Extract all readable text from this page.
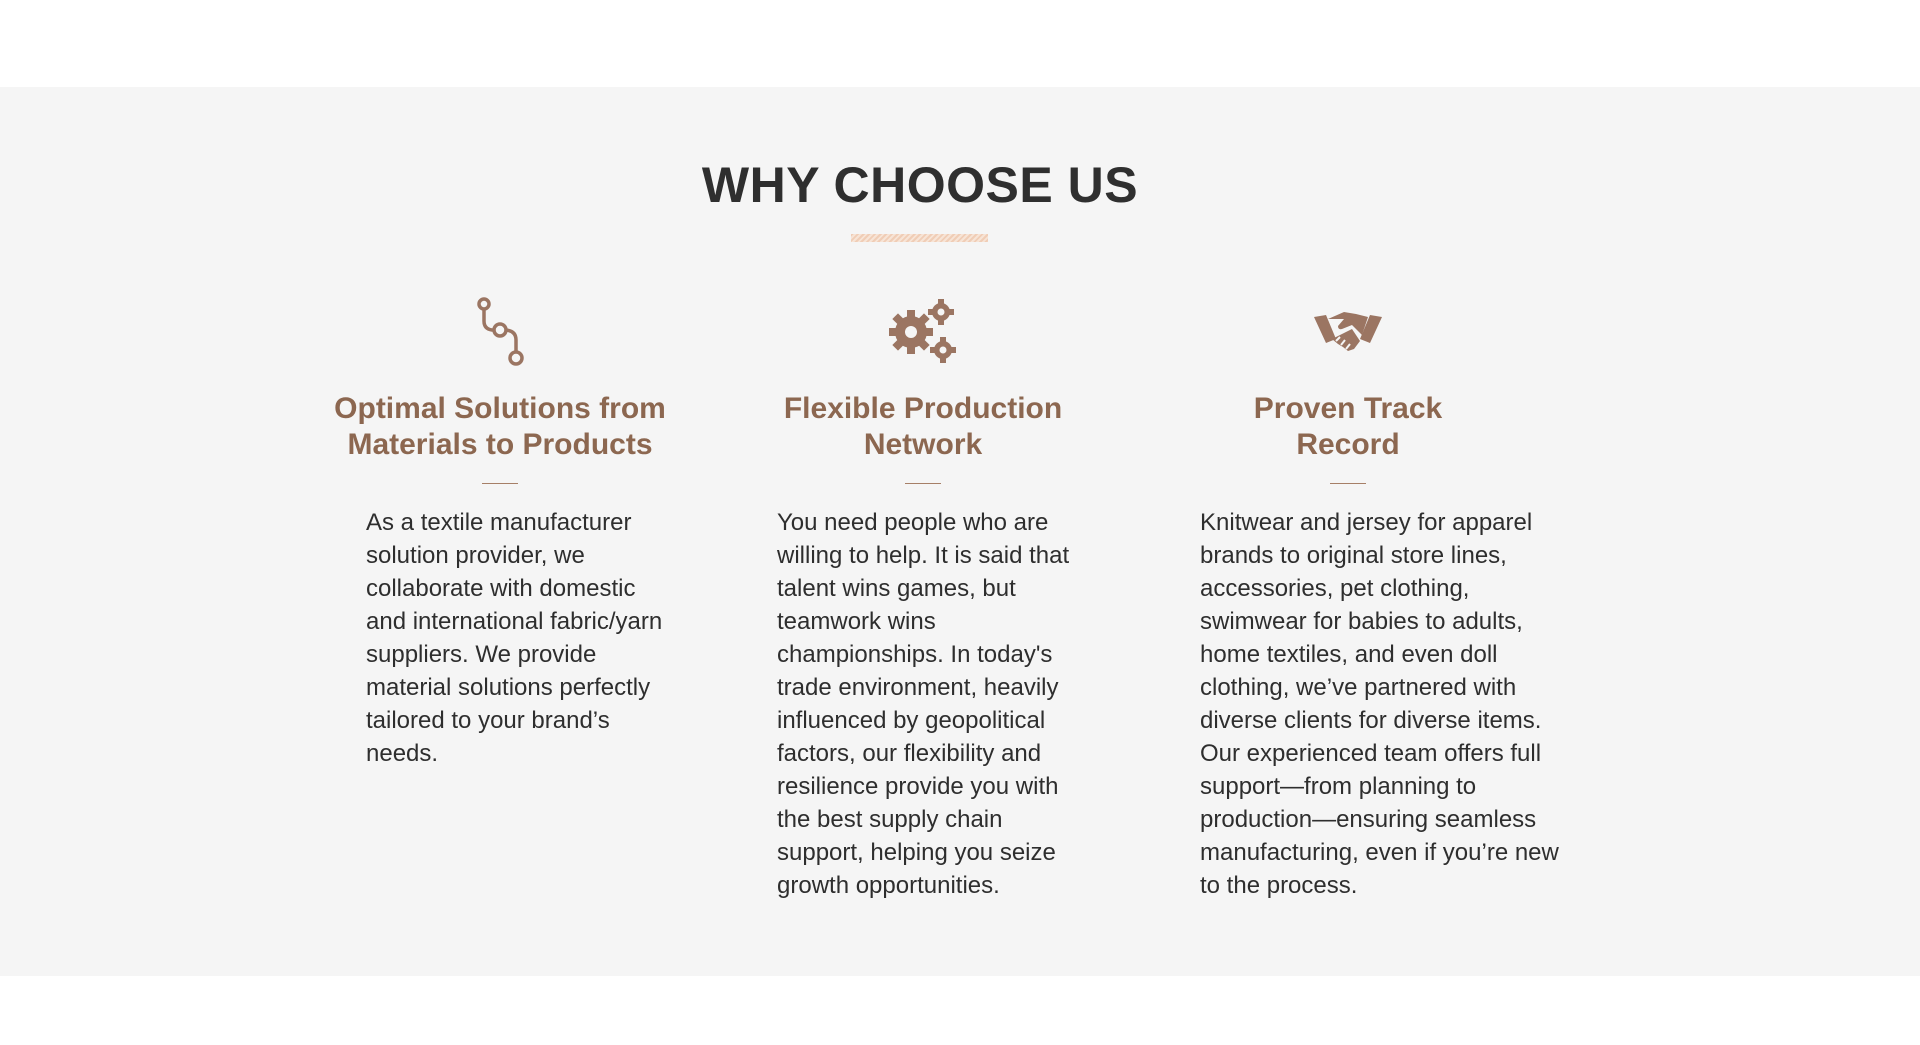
WHY CHOOSE US
Optimal Solutions from
Materials to Products

As a textile manufacturer solution provider, we collaborate with domestic and international fabric/yarn suppliers. We provide material solutions perfectly tailored to your brand’s needs.

Flexible Production
Network

You need people who are willing to help. It is said that talent wins games, but teamwork wins championships. In today's trade environment, heavily influenced by geopolitical factors, our flexibility and resilience provide you with the best supply chain support, helping you seize growth opportunities.

Proven Track
Record

Knitwear and jersey for apparel brands to original store lines, accessories, pet clothing, swimwear for babies to adults, home textiles, and even doll clothing, we’ve partnered with diverse clients for diverse items. Our experienced team offers full support—from planning to production—ensuring seamless manufacturing, even if you’re new to the process.
